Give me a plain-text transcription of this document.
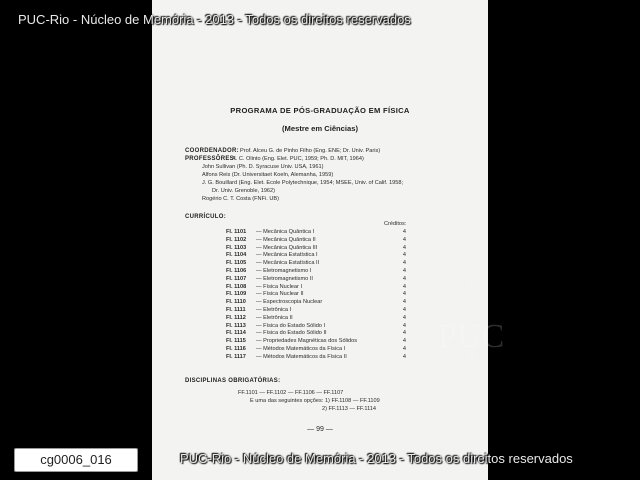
PROGRAMA DE PÓS-GRADUAÇÃO EM FÍSICA
(Mestre em Ciências)
COORDENADOR: Prof. Alceu G. de Pinho Filho (Eng. ENE; Dr. Univ. Paris)
PROFESSÔRES:
A. C. Olinto (Eng. Elet. PUC, 1959; Ph. D. MIT, 1964)
John Sullivan (Ph. D. Syracuse Univ. USA, 1961)
Alfons Reis (Dr. Universitaet Koeln, Alemanha, 1959)
J. G. Bouillard (Eng. Elet. Ecole Polytechnique, 1954; MSEE, Univ. of Calif. 1958;
Dr. Univ. Grenoble, 1962)
Rogério C. T. Costa (FNFi. UB)
CURRÍCULO:
Créditos:
FI. 1101 — Mecânica Quântica I	4
FI. 1102 — Mecânica Quântica II	4
FI. 1103 — Mecânica Quântica III	4
FI. 1104 — Mecânica Estatística I	4
FI. 1105 — Mecânica Estatística II	4
FI. 1106 — Eletromagnetismo I	4
FI. 1107 — Eletromagnetismo II	4
FI. 1108 — Física Nuclear I	4
FI. 1109 — Física Nuclear II	4
FI. 1110 — Espectroscopia Nuclear	4
FI. 1111 — Eletrônica I	4
FI. 1112 — Eletrônica II	4
FI. 1113 — Física do Estado Sólido I	4
FI. 1114 — Física do Estado Sólido II	4
FI. 1115 — Propriedades Magnéticas dos Sólidos	4
FI. 1116 — Métodos Matemáticos da Física I	4
FI. 1117 — Métodos Matemáticos da Física II	4
DISCIPLINAS OBRIGATÓRIAS:
FF.1101 — FF.1102 — FF.1106 — FF.1107
E uma das seguintes opções: 1) FF.1108 — FF.1109
2) FF.1113 — FF.1114
— 99 —
AN
PUC
R
PUC-Rio - Núcleo de Memória - 2013 - Todos os direitos reservados
PUC-Rio - Núcleo de Memória - 2013 - Todos os direitos reservados
cg0006_016
